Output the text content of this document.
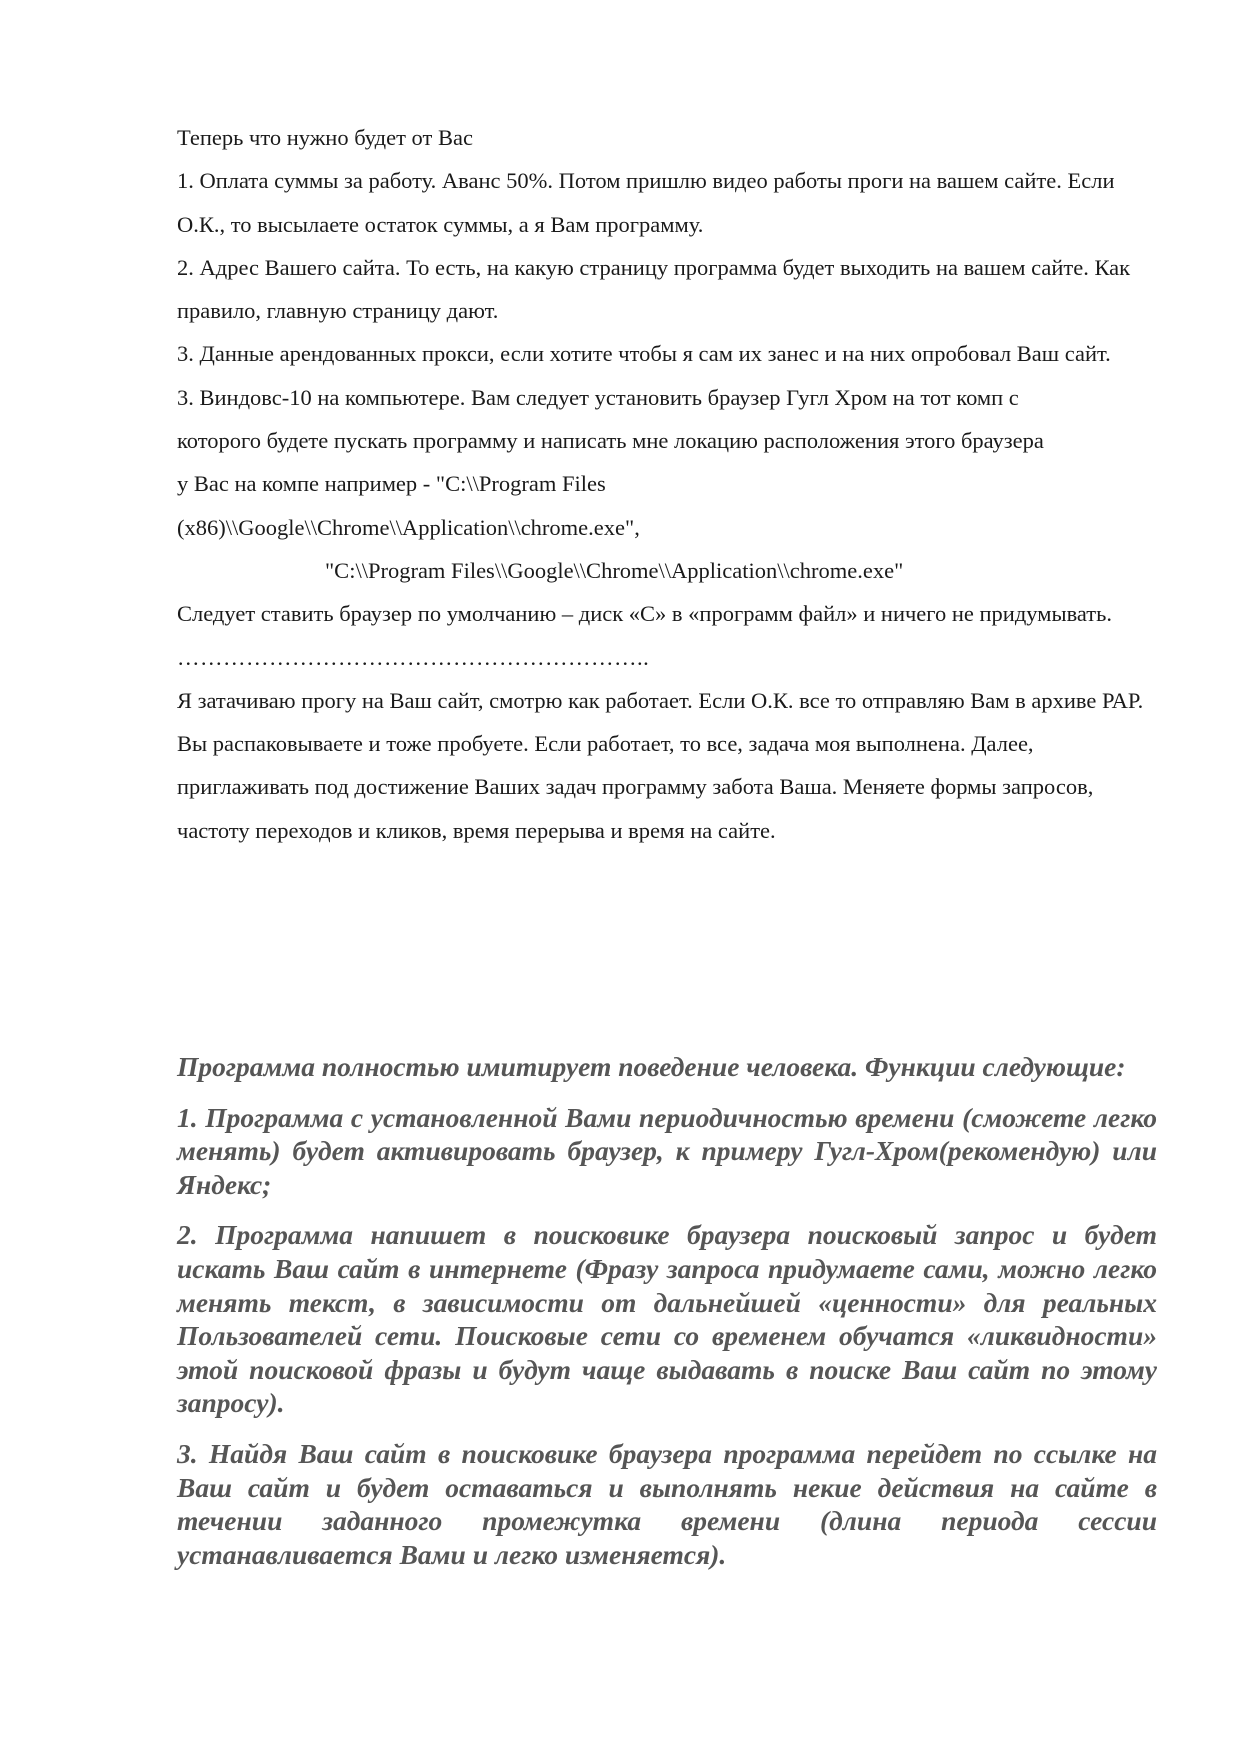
Теперь что нужно будет от Вас

1. Оплата суммы за работу. Аванс 50%. Потом пришлю видео работы проги на вашем сайте. Если О.К., то высылаете остаток суммы, а я Вам программу.

2. Адрес Вашего сайта. То есть, на какую страницу программа будет выходить на вашем сайте. Как правило, главную страницу дают.

3. Данные арендованных прокси, если хотите чтобы я сам их занес и на них опробовал Ваш сайт.

3. Виндовс-10 на компьютере. Вам следует установить браузер Гугл Хром на тот комп с

которого будете пускать программу и написать мне локацию расположения этого браузера

у Вас на компе например - "C:\\Program Files

(x86)\\Google\\Chrome\\Application\\chrome.exe",

"C:\\Program Files\\Google\\Chrome\\Application\\chrome.exe"

Следует ставить браузер по умолчанию – диск «С» в «программ файл» и ничего не придумывать.

……………………………………………………..

Я затачиваю прогу на Ваш сайт, смотрю как работает. Если О.К. все то отправляю Вам в архиве РАР. Вы распаковываете и тоже пробуете. Если работает, то все, задача моя выполнена. Далее, приглаживать под достижение Ваших задач программу забота Ваша. Меняете формы запросов, частоту переходов и кликов, время перерыва и время на сайте.

Программа полностью имитирует поведение человека. Функции следующие:

1. Программа с установленной Вами периодичностью времени (сможете легко менять) будет активировать браузер, к примеру Гугл-Хром(рекомендую) или Яндекс;

2. Программа напишет в поисковике браузера поисковый запрос и будет искать Ваш сайт в интернете (Фразу запроса придумаете сами, можно легко менять текст, в зависимости от дальнейшей «ценности» для реальных Пользователей сети. Поисковые сети со временем обучатся «ликвидности» этой поисковой фразы и будут чаще выдавать в поиске Ваш сайт по этому запросу).

3. Найдя Ваш сайт в поисковике браузера программа перейдет по ссылке на Ваш сайт и будет оставаться и выполнять некие действия на сайте в течении заданного промежутка времени (длина периода сессии устанавливается Вами и легко изменяется).
